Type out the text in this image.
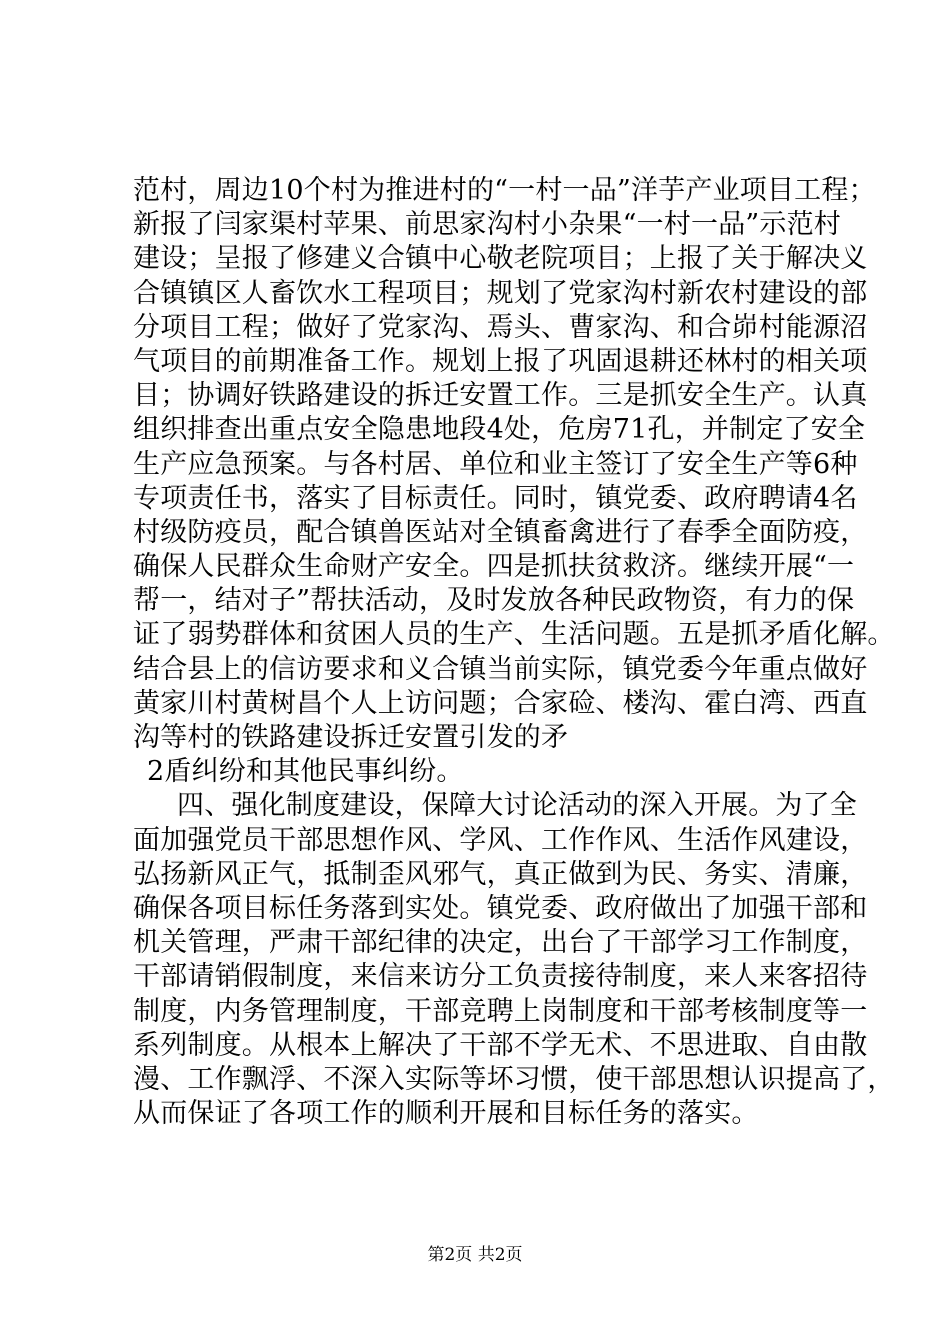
范村，周边10个村为推进村的“一村一品”洋芋产业项目工程；
新报了闫家渠村苹果、前思家沟村小杂果“一村一品”示范村
建设；呈报了修建义合镇中心敬老院项目；上报了关于解决义
合镇镇区人畜饮水工程项目；规划了党家沟村新农村建设的部
分项目工程；做好了党家沟、焉头、曹家沟、和合峁村能源沼
气项目的前期准备工作。规划上报了巩固退耕还林村的相关项
目；协调好铁路建设的拆迁安置工作。三是抓安全生产。认真
组织排查出重点安全隐患地段4处，危房71孔，并制定了安全
生产应急预案。与各村居、单位和业主签订了安全生产等6种
专项责任书，落实了目标责任。同时，镇党委、政府聘请4名
村级防疫员，配合镇兽医站对全镇畜禽进行了春季全面防疫，
确保人民群众生命财产安全。四是抓扶贫救济。继续开展“一
帮一，结对子”帮扶活动，及时发放各种民政物资，有力的保
证了弱势群体和贫困人员的生产、生活问题。五是抓矛盾化解。
结合县上的信访要求和义合镇当前实际，镇党委今年重点做好
黄家川村黄树昌个人上访问题；合家硷、楼沟、霍白湾、西直
沟等村的铁路建设拆迁安置引发的矛
2盾纠纷和其他民事纠纷。
四、强化制度建设，保障大讨论活动的深入开展。为了全
面加强党员干部思想作风、学风、工作作风、生活作风建设，
弘扬新风正气，抵制歪风邪气，真正做到为民、务实、清廉，
确保各项目标任务落到实处。镇党委、政府做出了加强干部和
机关管理，严肃干部纪律的决定，出台了干部学习工作制度，
干部请销假制度，来信来访分工负责接待制度，来人来客招待
制度，内务管理制度，干部竞聘上岗制度和干部考核制度等一
系列制度。从根本上解决了干部不学无术、不思进取、自由散
漫、工作飘浮、不深入实际等坏习惯，使干部思想认识提高了，
从而保证了各项工作的顺利开展和目标任务的落实。
第2页 共2页
